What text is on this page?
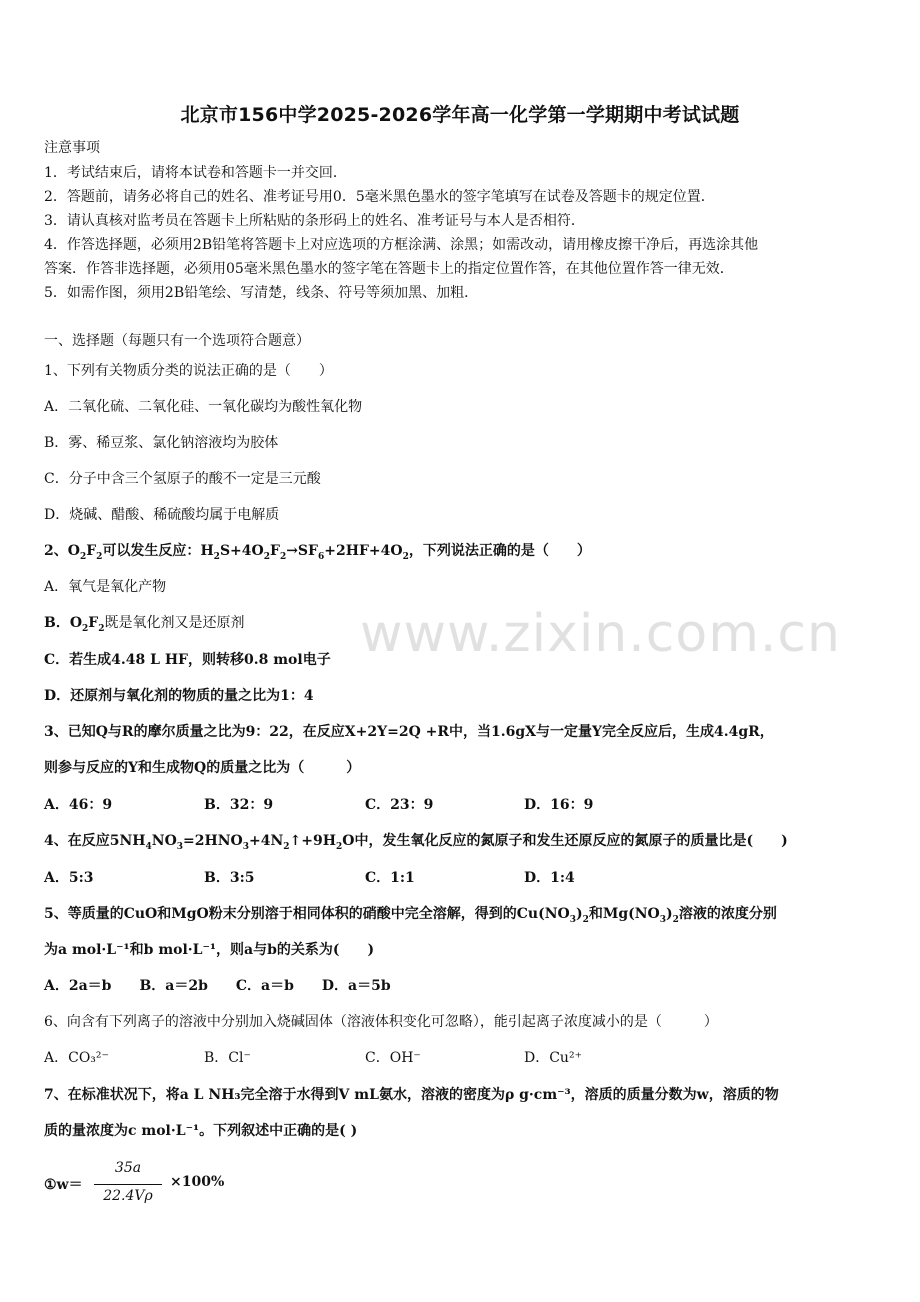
北京市156中学2025-2026学年高一化学第一学期期中考试试题
注意事项
1．考试结束后，请将本试卷和答题卡一并交回．
2．答题前，请务必将自己的姓名、准考证号用0．5毫米黑色墨水的签字笔填写在试卷及答题卡的规定位置．
3．请认真核对监考员在答题卡上所粘贴的条形码上的姓名、准考证号与本人是否相符．
4．作答选择题，必须用2B铅笔将答题卡上对应选项的方框涂满、涂黑；如需改动，请用橡皮擦干净后，再选涂其他
答案．作答非选择题，必须用05毫米黑色墨水的签字笔在答题卡上的指定位置作答，在其他位置作答一律无效．
5．如需作图，须用2B铅笔绘、写清楚，线条、符号等须加黑、加粗．
一、选择题（每题只有一个选项符合题意）
1、下列有关物质分类的说法正确的是（　　）
A．二氧化硫、二氧化硅、一氧化碳均为酸性氧化物
B．雾、稀豆浆、氯化钠溶液均为胶体
C．分子中含三个氢原子的酸不一定是三元酸
D．烧碱、醋酸、稀硫酸均属于电解质
2、$O_2F_2$可以发生反应：$H_2S+4O_2F_2\to SF_6+2HF+4O_2$，下列说法正确的是（　　）
A．氧气是氧化产物
B．$O_2F_2$既是氧化剂又是还原剂
C．若生成4.48 L HF，则转移0.8 mol电子
D．还原剂与氧化剂的物质的量之比为1：4
3、已知Q与R的摩尔质量之比为9：22，在反应X+2Y=2Q +R中，当1.6gX与一定量Y完全反应后，生成4.4gR，
则参与反应的Y和生成物Q的质量之比为（　　　）
A．46：9	B．32：9	C．23：9	D．16：9
4、在反应$5NH_4NO_3=2HNO_3+4N_2↑+9H_2O$中，发生氧化反应的氮原子和发生还原反应的氮原子的质量比是(　　)
A．5:3	B．3:5	C．1:1	D．1:4
5、等质量的CuO和MgO粉末分别溶于相同体积的硝酸中完全溶解，得到的$Cu(NO_3)_2$和$Mg(NO_3)_2$溶液的浓度分别
为a mol·L⁻¹和b mol·L⁻¹，则a与b的关系为(　　)
A．2a＝b　　B．a＝2b　　C．a＝b　　D．a＝5b
6、向含有下列离子的溶液中分别加入烧碱固体（溶液体积变化可忽略），能引起离子浓度减小的是（　　　）
A．CO₃²⁻	B．Cl⁻	C．OH⁻	D．Cu²⁺
7、在标准状况下，将a L NH₃完全溶于水得到V mL氨水，溶液的密度为ρ g·cm⁻³，溶质的质量分数为w，溶质的物
质的量浓度为c mol·L⁻¹。下列叙述中正确的是( )
①w＝
35a
22.4Vρ
×100%
www.zixin.com.cn
